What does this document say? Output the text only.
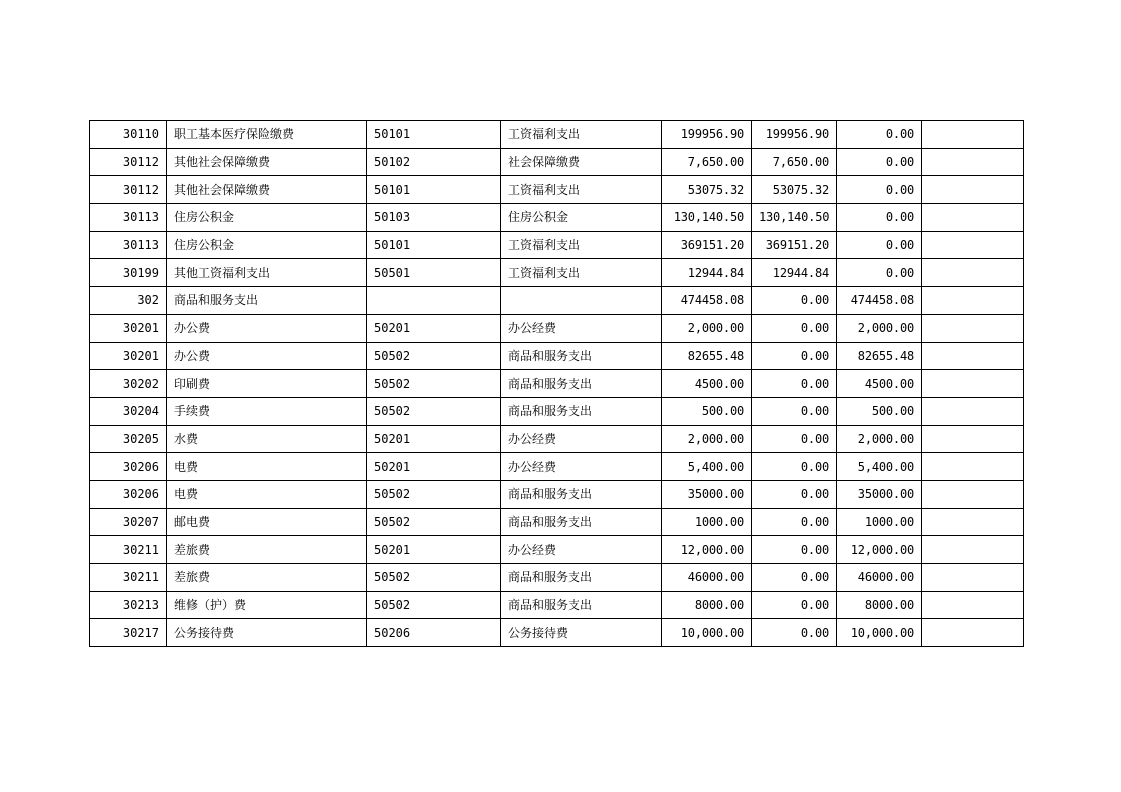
30110	职工基本医疗保险缴费	50101	工资福利支出	199956.90	199956.90	0.00	
30112	其他社会保障缴费	50102	社会保障缴费	7,650.00	7,650.00	0.00	
30112	其他社会保障缴费	50101	工资福利支出	53075.32	53075.32	0.00	
30113	住房公积金	50103	住房公积金	130,140.50	130,140.50	0.00	
30113	住房公积金	50101	工资福利支出	369151.20	369151.20	0.00	
30199	其他工资福利支出	50501	工资福利支出	12944.84	12944.84	0.00	
302	商品和服务支出			474458.08	0.00	474458.08	
30201	办公费	50201	办公经费	2,000.00	0.00	2,000.00	
30201	办公费	50502	商品和服务支出	82655.48	0.00	82655.48	
30202	印刷费	50502	商品和服务支出	4500.00	0.00	4500.00	
30204	手续费	50502	商品和服务支出	500.00	0.00	500.00	
30205	水费	50201	办公经费	2,000.00	0.00	2,000.00	
30206	电费	50201	办公经费	5,400.00	0.00	5,400.00	
30206	电费	50502	商品和服务支出	35000.00	0.00	35000.00	
30207	邮电费	50502	商品和服务支出	1000.00	0.00	1000.00	
30211	差旅费	50201	办公经费	12,000.00	0.00	12,000.00	
30211	差旅费	50502	商品和服务支出	46000.00	0.00	46000.00	
30213	维修（护）费	50502	商品和服务支出	8000.00	0.00	8000.00	
30217	公务接待费	50206	公务接待费	10,000.00	0.00	10,000.00	
